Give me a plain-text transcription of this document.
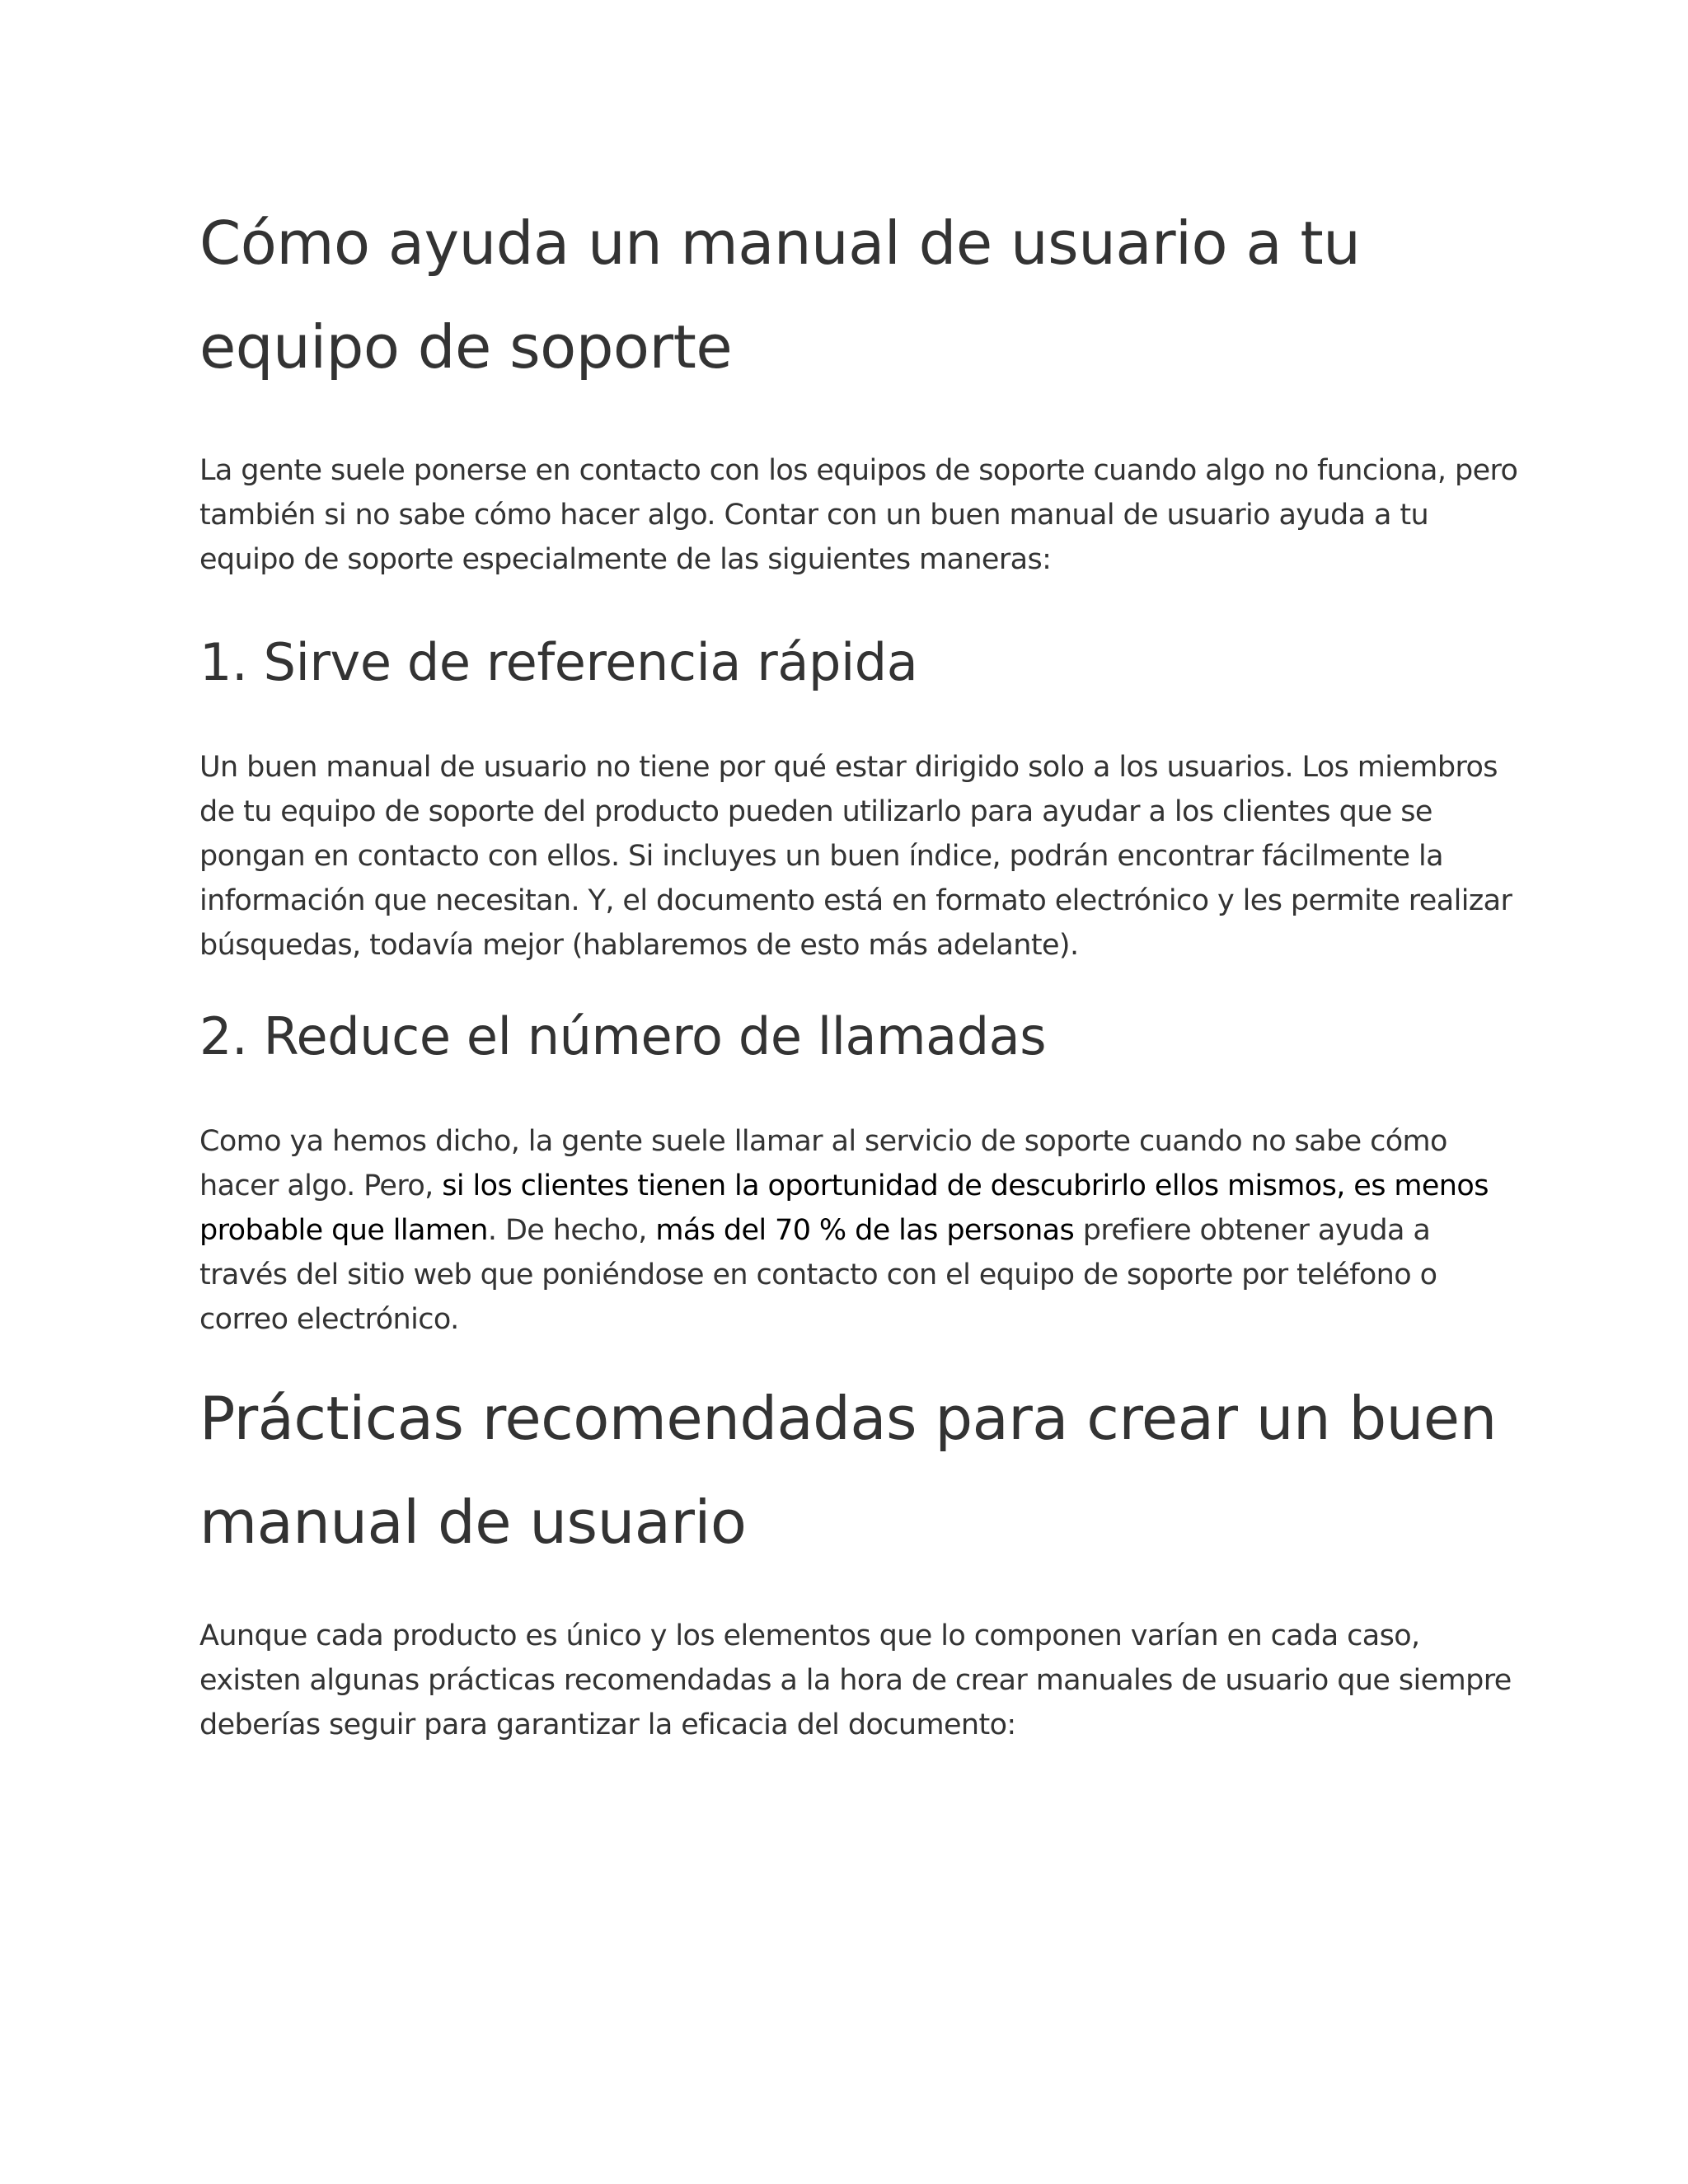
Cómo ayuda un manual de usuario a tu equipo de soporte

La gente suele ponerse en contacto con los equipos de soporte cuando algo no funciona, pero también si no sabe cómo hacer algo. Contar con un buen manual de usuario ayuda a tu equipo de soporte especialmente de las siguientes maneras:

1. Sirve de referencia rápida

Un buen manual de usuario no tiene por qué estar dirigido solo a los usuarios. Los miembros de tu equipo de soporte del producto pueden utilizarlo para ayudar a los clientes que se pongan en contacto con ellos. Si incluyes un buen índice, podrán encontrar fácilmente la información que necesitan. Y, el documento está en formato electrónico y les permite realizar búsquedas, todavía mejor (hablaremos de esto más adelante).

2. Reduce el número de llamadas

Como ya hemos dicho, la gente suele llamar al servicio de soporte cuando no sabe cómo hacer algo. Pero, si los clientes tienen la oportunidad de descubrirlo ellos mismos, es menos probable que llamen. De hecho, más del 70 % de las personas prefiere obtener ayuda a través del sitio web que poniéndose en contacto con el equipo de soporte por teléfono o correo electrónico.

Prácticas recomendadas para crear un buen manual de usuario

Aunque cada producto es único y los elementos que lo componen varían en cada caso, existen algunas prácticas recomendadas a la hora de crear manuales de usuario que siempre deberías seguir para garantizar la eficacia del documento:
